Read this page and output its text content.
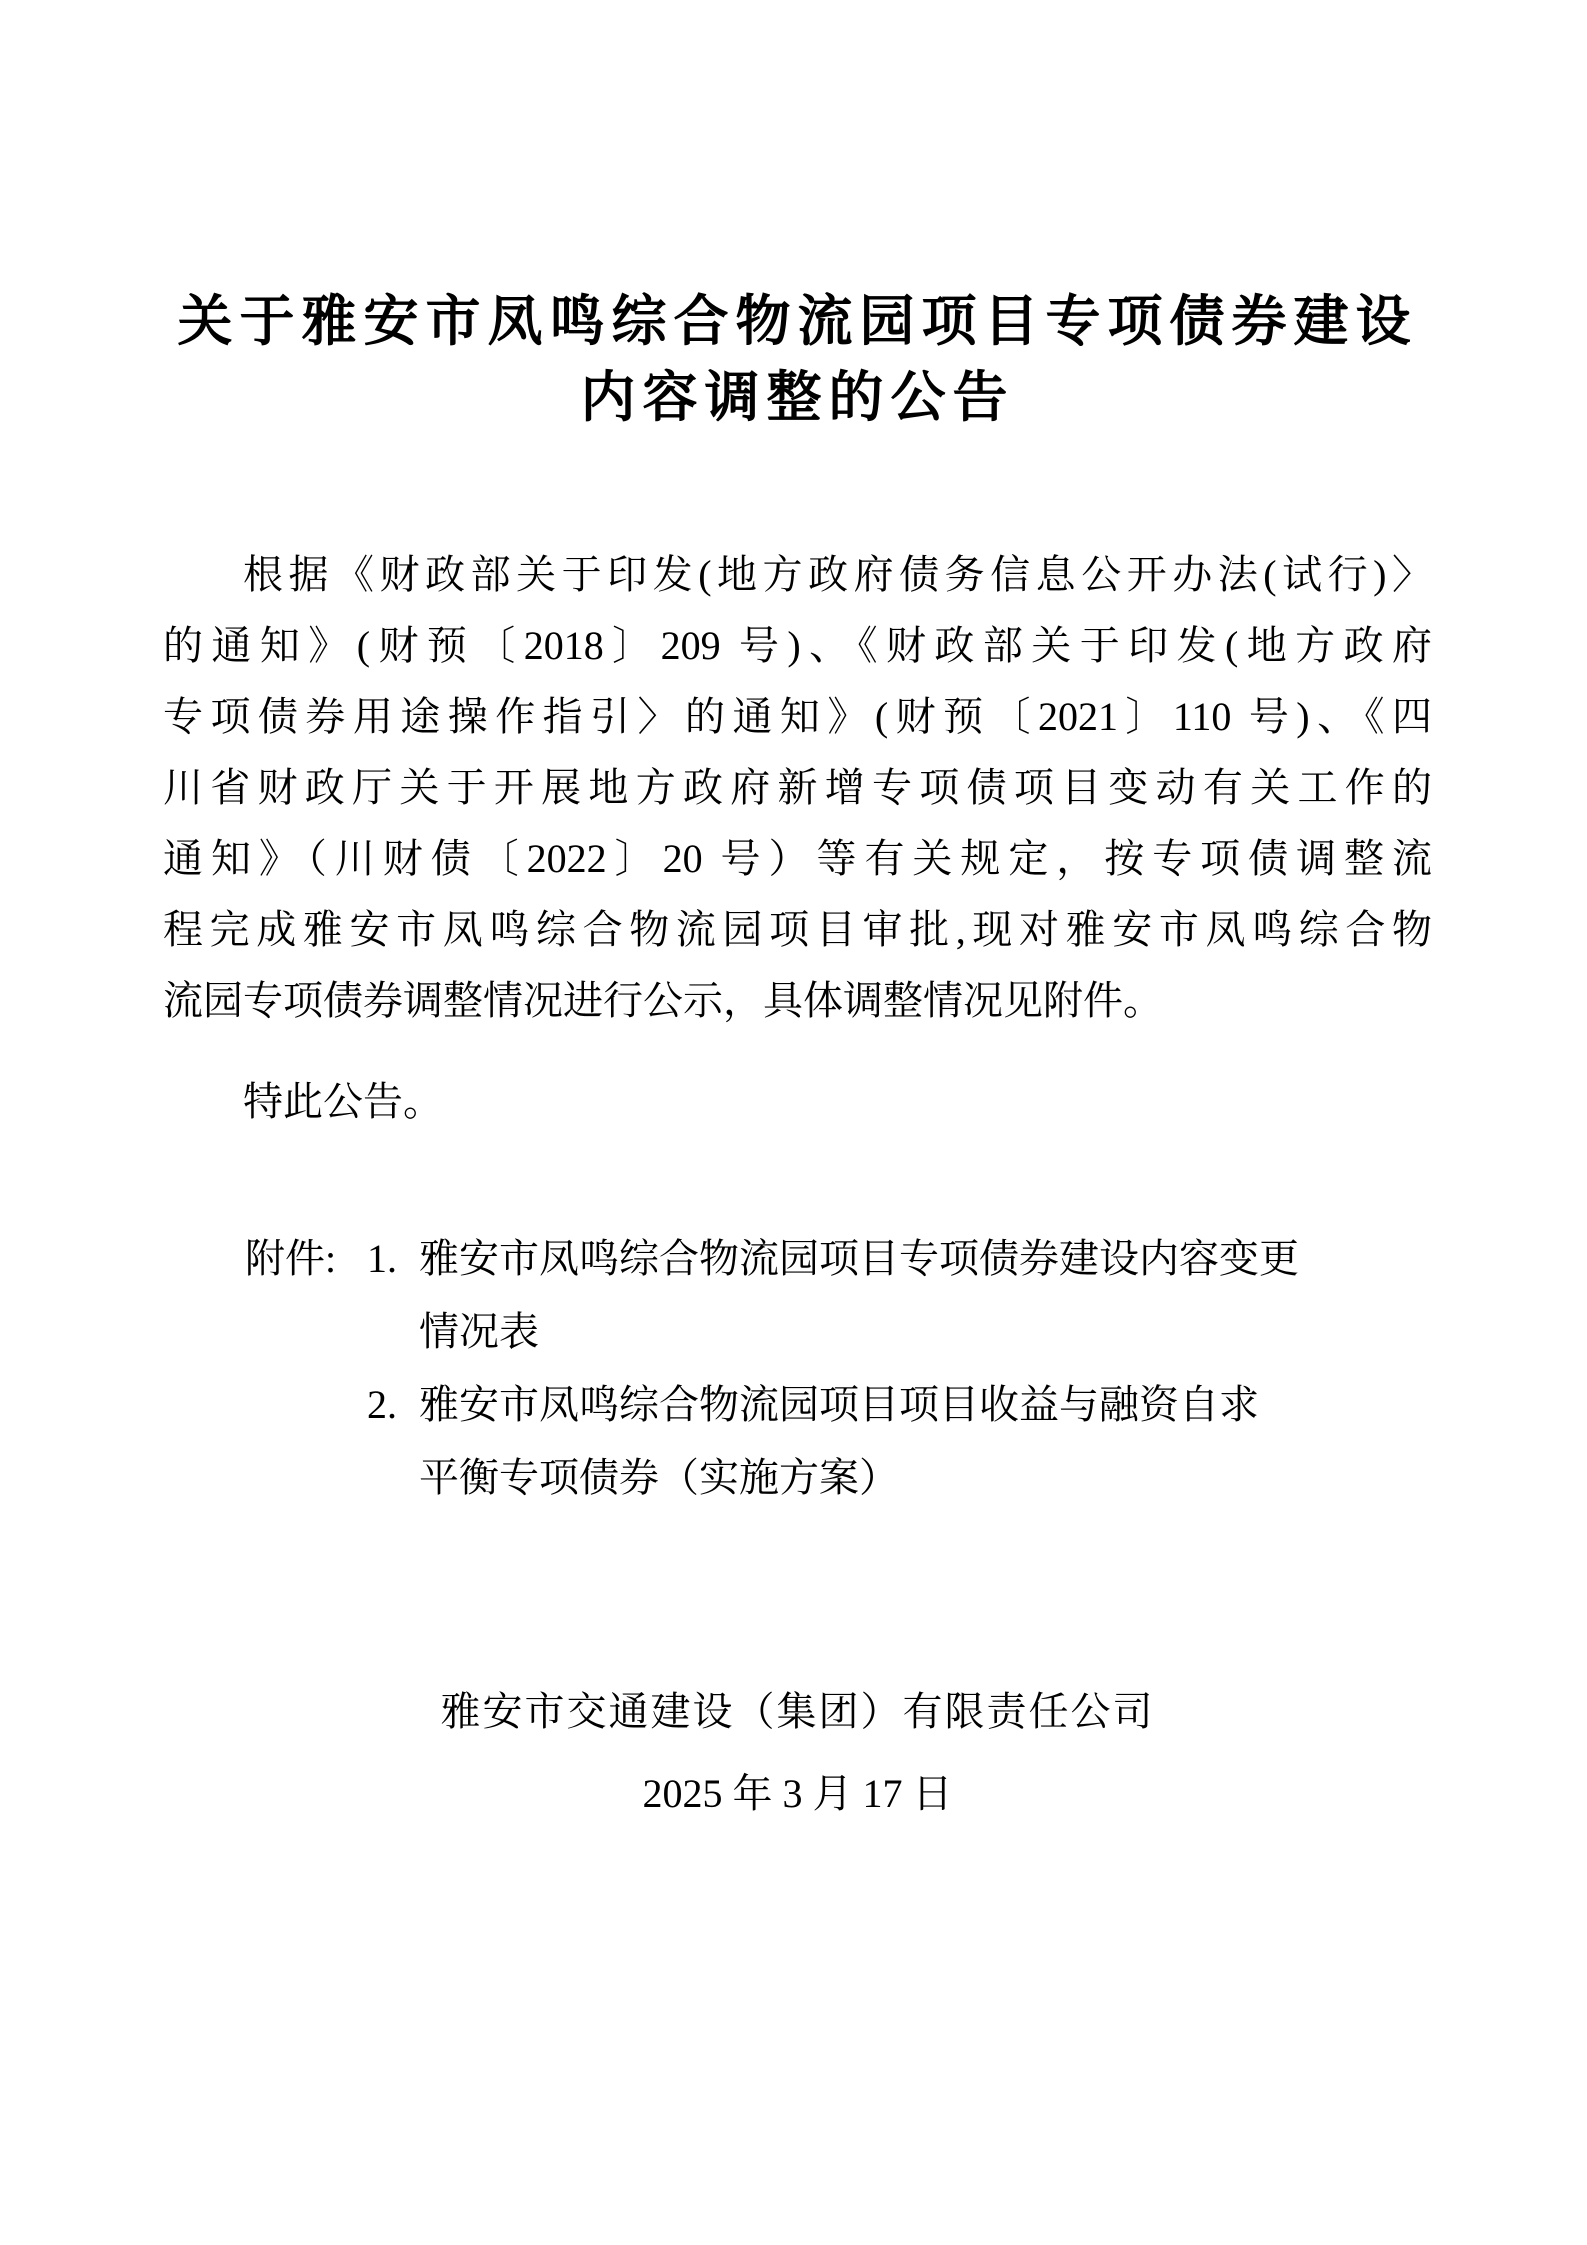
关于雅安市凤鸣综合物流园项目专项债券建设
内容调整的公告
根据《财政部关于印发(地方政府债务信息公开办法(试行)〉
的通知》(财预〔2018〕209 号)、《财政部关于印发(地方政府
专项债券用途操作指引〉的通知》(财预〔2021〕110 号)、《四
川省财政厅关于开展地方政府新增专项债项目变动有关工作的
通知》（川财债〔2022〕20 号）等有关规定，按专项债调整流
程完成雅安市凤鸣综合物流园项目审批,现对雅安市凤鸣综合物
流园专项债券调整情况进行公示，具体调整情况见附件。
特此公告。
附件: 1. 雅安市凤鸣综合物流园项目专项债券建设内容变更
情况表
2. 雅安市凤鸣综合物流园项目项目收益与融资自求
平衡专项债券（实施方案）
雅安市交通建设（集团）有限责任公司
2025 年 3 月 17 日
